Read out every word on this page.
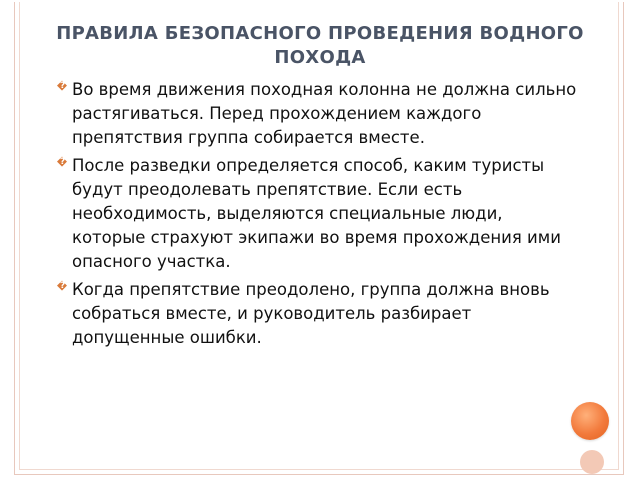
ПРАВИЛА БЕЗОПАСНОГО ПРОВЕДЕНИЯ ВОДНОГО ПОХОДА
◆ ?
Во время движения походная колонна не должна сильно растягиваться. Перед прохождением каждого препятствия группа собирается вместе.
◆ ?
После разведки определяется способ, каким туристы будут преодолевать препятствие. Если есть необходимость, выделяются специальные люди, которые страхуют экипажи во время прохождения ими опасного участка.
◆ ?
Когда препятствие преодолено, группа должна вновь собраться вместе, и руководитель разбирает допущенные ошибки.
